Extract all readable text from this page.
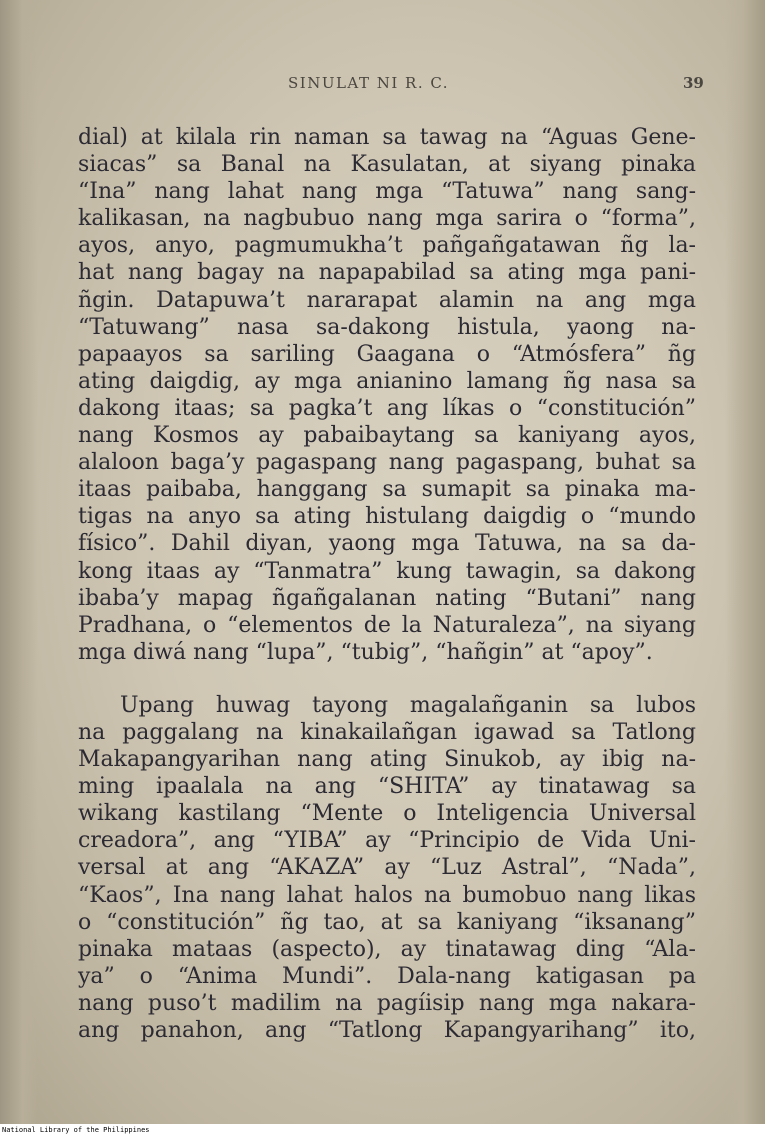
SINULAT NI R. C.	39
dial) at kilala rin naman sa tawag na “Aguas Gene-
siacas” sa Banal na Kasulatan, at siyang pinaka
“Ina” nang lahat nang mga “Tatuwa” nang sang-
kalikasan, na nagbubuo nang mga sarira o “forma”,
ayos, anyo, pagmumukha’t pañgañgatawan ñg la-
hat nang bagay na napapabilad sa ating mga pani-
ñgin. Datapuwa’t nararapat alamin na ang mga
“Tatuwang” nasa sa-dakong histula, yaong na-
papaayos sa sariling Gaagana o “Atmósfera” ñg
ating daigdig, ay mga anianino lamang ñg nasa sa
dakong itaas; sa pagka’t ang líkas o “constitución”
nang Kosmos ay pabaibaytang sa kaniyang ayos,
alaloon baga’y pagaspang nang pagaspang, buhat sa
itaas paibaba, hanggang sa sumapit sa pinaka ma-
tigas na anyo sa ating histulang daigdig o “mundo
físico”. Dahil diyan, yaong mga Tatuwa, na sa da-
kong itaas ay “Tanmatra” kung tawagin, sa dakong
ibaba’y mapag ñgañgalanan nating “Butani” nang
Pradhana, o “elementos de la Naturaleza”, na siyang
mga diwá nang “lupa”, “tubig”, “hañgin” at “apoy”.
Upang huwag tayong magalañganin sa lubos
na paggalang na kinakailañgan igawad sa Tatlong
Makapangyarihan nang ating Sinukob, ay ibig na-
ming ipaalala na ang “SHITA” ay tinatawag sa
wikang kastilang “Mente o Inteligencia Universal
creadora”, ang “YIBA” ay “Principio de Vida Uni-
versal at ang “AKAZA” ay “Luz Astral”, “Nada”,
“Kaos”, Ina nang lahat halos na bumobuo nang likas
o “constitución” ñg tao, at sa kaniyang “iksanang”
pinaka mataas (aspecto), ay tinatawag ding “Ala-
ya” o “Anima Mundi”. Dala-nang katigasan pa
nang puso’t madilim na pagíisip nang mga nakara-
ang panahon, ang “Tatlong Kapangyarihang” ito,
National Library of the Philippines
